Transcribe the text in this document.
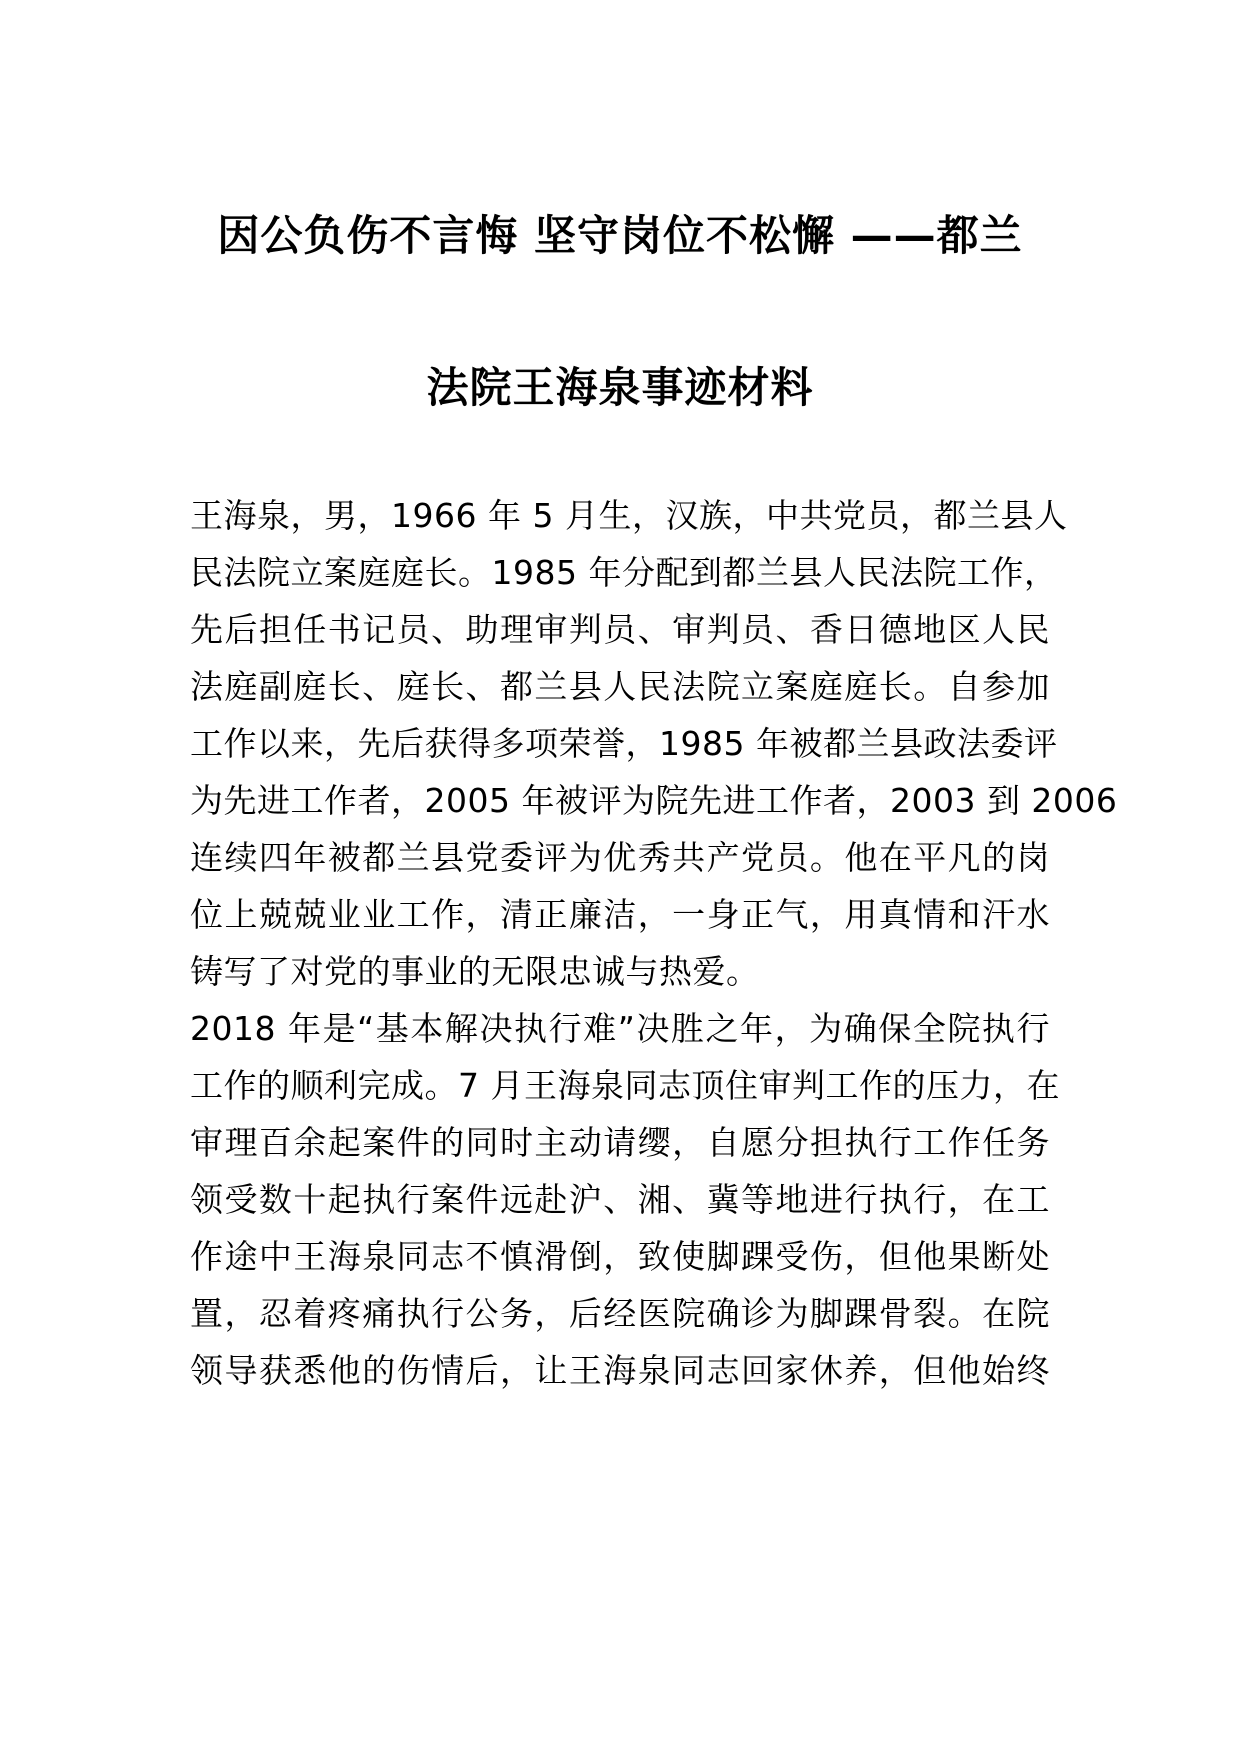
因公负伤不言悔 坚守岗位不松懈 ——都兰
法院王海泉事迹材料
王海泉，男，1966 年 5 月生，汉族，中共党员，都兰县人
民法院立案庭庭长。1985 年分配到都兰县人民法院工作，
先后担任书记员、助理审判员、审判员、香日德地区人民
法庭副庭长、庭长、都兰县人民法院立案庭庭长。自参加
工作以来，先后获得多项荣誉，1985 年被都兰县政法委评
为先进工作者，2005 年被评为院先进工作者，2003 到 2006
连续四年被都兰县党委评为优秀共产党员。他在平凡的岗
位上兢兢业业工作，清正廉洁，一身正气，用真情和汗水
铸写了对党的事业的无限忠诚与热爱。
2018 年是“基本解决执行难”决胜之年，为确保全院执行
工作的顺利完成。7 月王海泉同志顶住审判工作的压力，在
审理百余起案件的同时主动请缨，自愿分担执行工作任务
领受数十起执行案件远赴沪、湘、冀等地进行执行，在工
作途中王海泉同志不慎滑倒，致使脚踝受伤，但他果断处
置，忍着疼痛执行公务，后经医院确诊为脚踝骨裂。在院
领导获悉他的伤情后，让王海泉同志回家休养，但他始终
